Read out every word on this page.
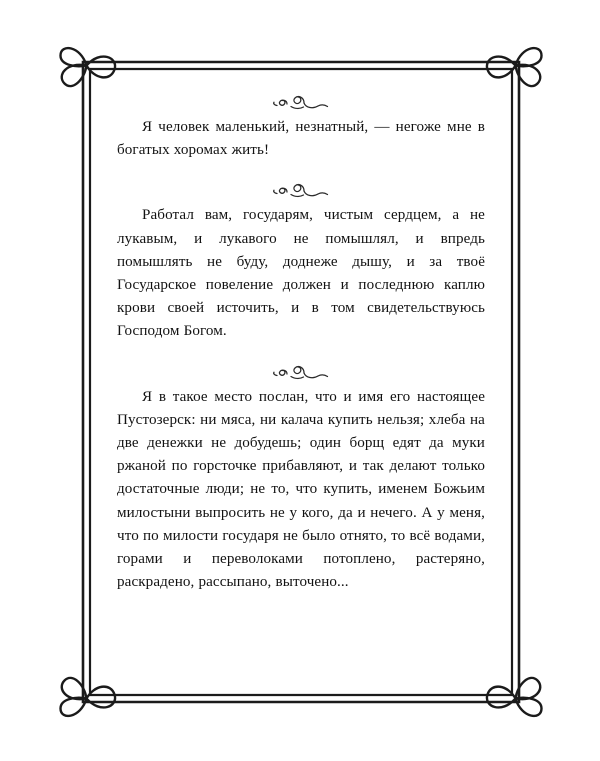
Я человек маленький, незнатный, — негоже мне в богатых хоромах жить!

Работал вам, государям, чистым сердцем, а не лукавым, и лукавого не помышлял, и впредь помышлять не буду, доднеже дышу, и за твоё Государское повеление должен и последнюю каплю крови своей источить, и в том свидетельствуюсь Господом Богом.

Я в такое место послан, что и имя его настоящее Пустозерск: ни мяса, ни калача купить нельзя; хлеба на две денежки не добудешь; один борщ едят да муки ржаной по горсточке прибавляют, и так делают только достаточные люди; не то, что купить, именем Божьим милостыни выпросить не у кого, да и нечего. А у меня, что по милости государя не было отнято, то всё водами, горами и переволоками потоплено, растеряно, раскрадено, рассыпано, выточено...
